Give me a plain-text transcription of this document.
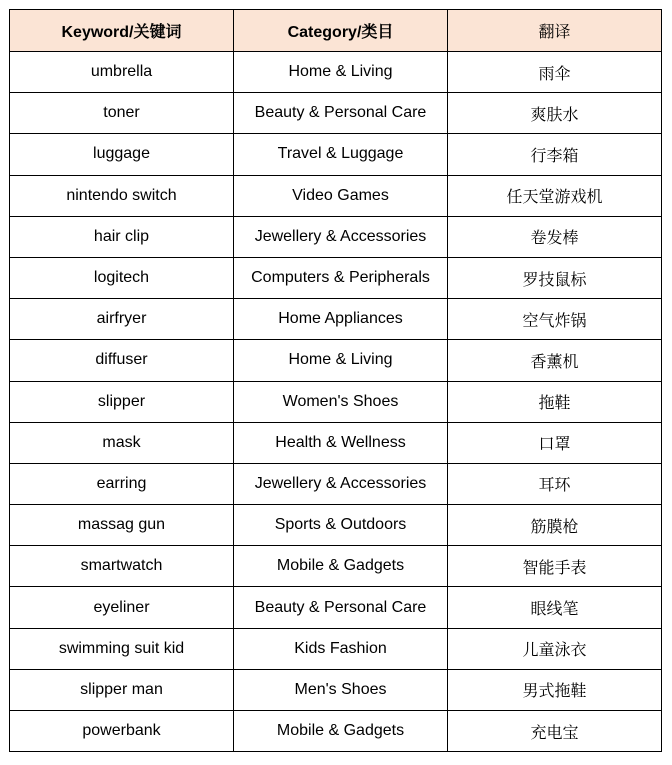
Keyword/关键词	Category/类目	翻译
umbrella	Home & Living	雨伞
toner	Beauty & Personal Care	爽肤水
luggage	Travel & Luggage	行李箱
nintendo switch	Video Games	任天堂游戏机
hair clip	Jewellery & Accessories	卷发棒
logitech	Computers & Peripherals	罗技鼠标
airfryer	Home Appliances	空气炸锅
diffuser	Home & Living	香薰机
slipper	Women's Shoes	拖鞋
mask	Health & Wellness	口罩
earring	Jewellery & Accessories	耳环
massag gun	Sports & Outdoors	筋膜枪
smartwatch	Mobile & Gadgets	智能手表
eyeliner	Beauty & Personal Care	眼线笔
swimming suit kid	Kids Fashion	儿童泳衣
slipper man	Men's Shoes	男式拖鞋
powerbank	Mobile & Gadgets	充电宝
